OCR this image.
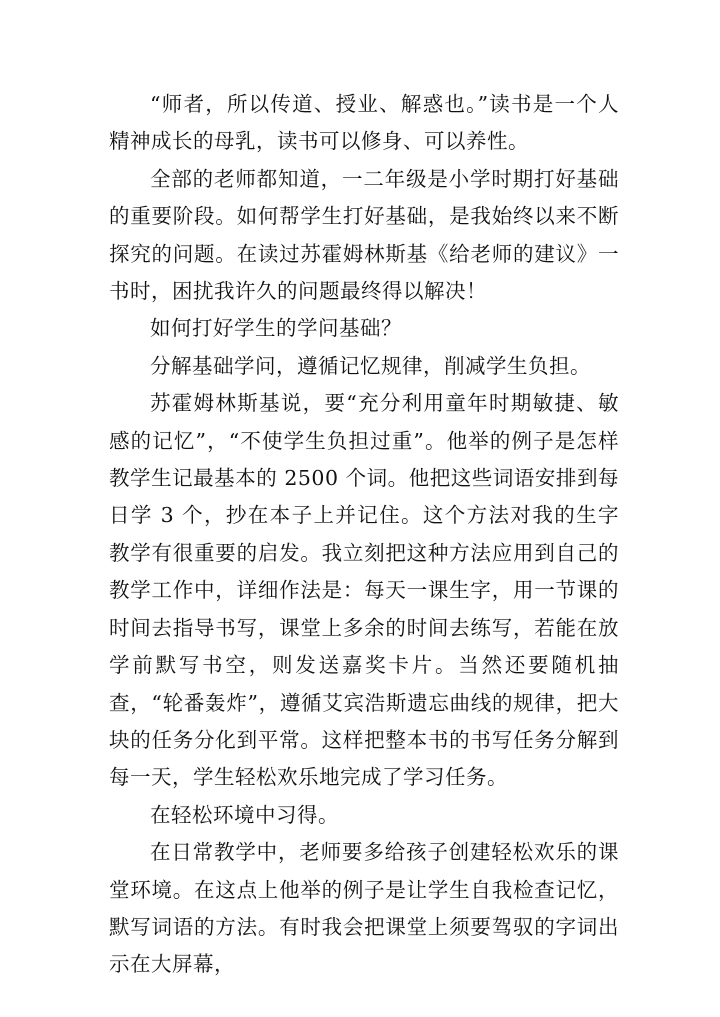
“师者，所以传道、授业、解惑也。”读书是一个人精神成长的母乳，读书可以修身、可以养性。

全部的老师都知道，一二年级是小学时期打好基础的重要阶段。如何帮学生打好基础，是我始终以来不断探究的问题。在读过苏霍姆林斯基《给老师的建议》一书时，困扰我许久的问题最终得以解决！

如何打好学生的学问基础？

分解基础学问，遵循记忆规律，削减学生负担。

苏霍姆林斯基说，要“充分利用童年时期敏捷、敏感的记忆”，“不使学生负担过重”。他举的例子是怎样教学生记最基本的 2500 个词。他把这些词语安排到每日学 3 个，抄在本子上并记住。这个方法对我的生字教学有很重要的启发。我立刻把这种方法应用到自己的教学工作中，详细作法是：每天一课生字，用一节课的时间去指导书写，课堂上多余的时间去练写，若能在放学前默写书空，则发送嘉奖卡片。当然还要随机抽查，“轮番轰炸”，遵循艾宾浩斯遗忘曲线的规律，把大块的任务分化到平常。这样把整本书的书写任务分解到每一天，学生轻松欢乐地完成了学习任务。

在轻松环境中习得。

在日常教学中，老师要多给孩子创建轻松欢乐的课堂环境。在这点上他举的例子是让学生自我检查记忆，默写词语的方法。有时我会把课堂上须要驾驭的字词出示在大屏幕，
